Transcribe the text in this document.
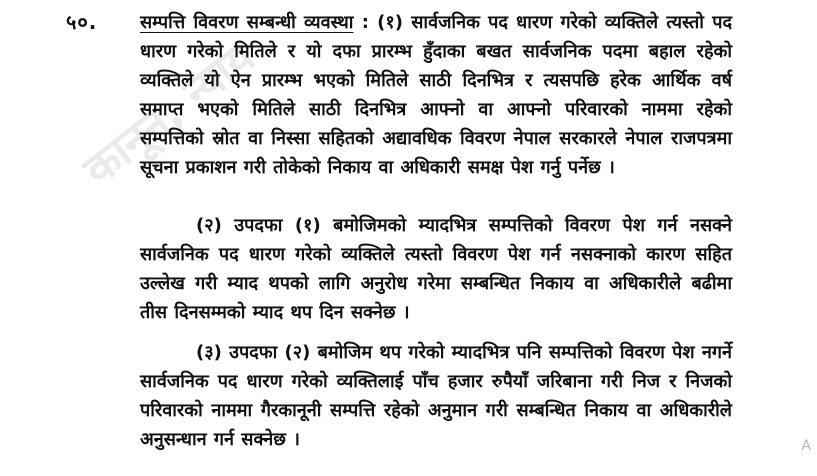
कानून, न्याय
५०. सम्पत्ति विवरण सम्बन्धी व्यवस्था : (१) सार्वजनिक पद धारण गरेको व्यक्तिले त्यस्तो पद धारण गरेको मितिले र यो दफा प्रारम्भ हुँदाका बखत सार्वजनिक पदमा बहाल रहेको व्यक्तिले यो ऐन प्रारम्भ भएको मितिले साठी दिनभित्र र त्यसपछि हरेक आर्थिक वर्ष समाप्त भएको मितिले साठी दिनभित्र आफ्नो वा आफ्नो परिवारको नाममा रहेको सम्पत्तिको स्रोत वा निस्सा सहितको अद्यावधिक विवरण नेपाल सरकारले नेपाल राजपत्रमा सूचना प्रकाशन गरी तोकेको निकाय वा अधिकारी समक्ष पेश गर्नु पर्नेछ ।

(२) उपदफा (१) बमोजिमको म्यादभित्र सम्पत्तिको विवरण पेश गर्न नसक्ने सार्वजनिक पद धारण गरेको व्यक्तिले त्यस्तो विवरण पेश गर्न नसक्नाको कारण सहित उल्लेख गरी म्याद थपको लागि अनुरोध गरेमा सम्बन्धित निकाय वा अधिकारीले बढीमा तीस दिनसम्मको म्याद थप दिन सक्नेछ ।

(३) उपदफा (२) बमोजिम थप गरेको म्यादभित्र पनि सम्पत्तिको विवरण पेश नगर्ने सार्वजनिक पद धारण गरेको व्यक्तिलाई पाँच हजार रुपैयाँ जरिबाना गरी निज र निजको परिवारको नाममा गैरकानूनी सम्पत्ति रहेको अनुमान गरी सम्बन्धित निकाय वा अधिकारीले अनुसन्धान गर्न सक्नेछ ।	A
